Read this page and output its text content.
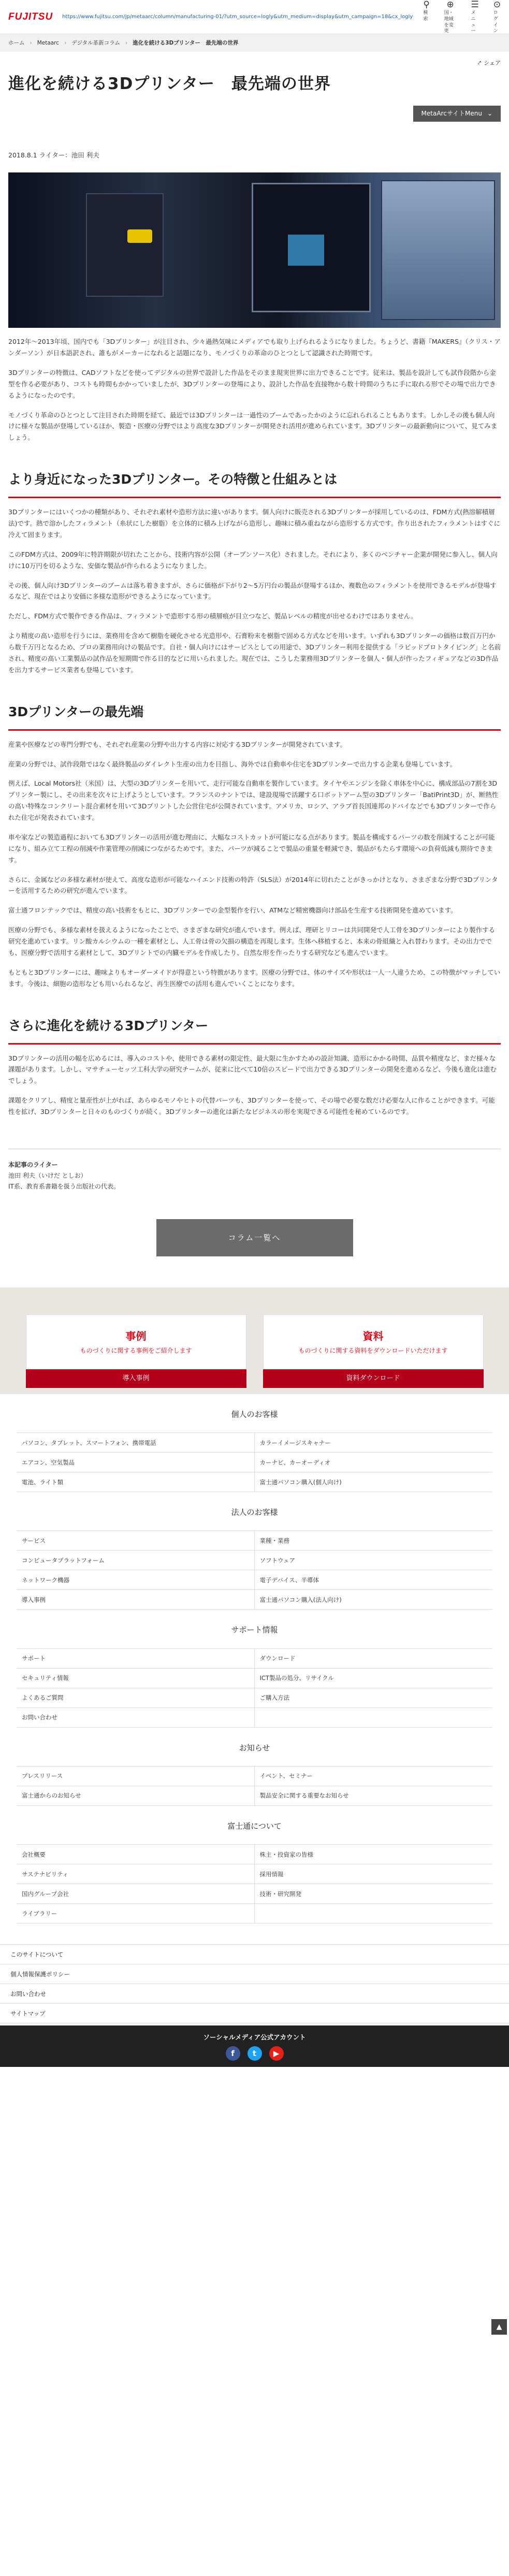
FUJITSU https://www.fujitsu.com/jp/metaarc/column/manufacturing-01/?utm_source=logly&utm_medium=display&utm_campaign=18&cx_logly
⚲
検索
⊕
国・地域を変更
☰
メニュー
⊙
ログイン
ホーム › Metaarc › デジタル革新コラム › 進化を続ける3Dプリンター　最先端の世界
⤤ シェア
進化を続ける3Dプリンター　最先端の世界
MetaArcサイトMenu ⌄
2018.8.1 ライター：池田 利夫

2012年〜2013年頃、国内でも「3Dプリンター」が注目され、少々過熱気味にメディアでも取り上げられるようになりました。ちょうど、書籍『MAKERS』（クリス・アンダーソン）が日本語訳され、誰もがメーカーになれると話題になり、モノづくりの革命のひとつとして認識された時期です。

3Dプリンターの特徴は、CADソフトなどを使ってデジタルの世界で設計した作品をそのまま現実世界に出力できることです。従来は、製品を設計しても試作段階から金型を作る必要があり、コストも時間もかかっていましたが、3Dプリンターの登場により、設計した作品を直接物から数十時間のうちに手に取れる形でその場で出力できるようになったのです。

モノづくり革命のひとつとして注目された時期を経て、最近では3Dプリンターは一過性のブームであったかのように忘れられることもあります。しかしその後も個人向けに様々な製品が登場しているほか、製造・医療の分野ではより高度な3Dプリンターが開発され活用が進められています。3Dプリンターの最新動向について、見てみましょう。

より身近になった3Dプリンター。その特徴と仕組みとは

3Dプリンターにはいくつかの種類があり、それぞれ素材や造形方法に違いがあります。個人向けに販売される3Dプリンターが採用しているのは、FDM方式(熱溶解積層法)です。熱で溶かしたフィラメント（糸状にした樹脂）を立体的に積み上げながら造形し、趣味に積み重ねながら造形する方式です。作り出されたフィラメントはすぐに冷えて固まります。

このFDM方式は、2009年に特許期限が切れたことから、技術内容が公開（オープンソース化）されました。それにより、多くのベンチャー企業が開発に参入し、個人向けに10万円を切るような、安価な製品が作られるようになりました。

その後、個人向け3Dプリンターのブームは落ち着きますが、さらに価格が下がり2〜5万円台の製品が登場するほか、複数色のフィラメントを使用できるモデルが登場するなど、現在ではより安価に多様な造形ができるようになっています。

ただし、FDM方式で製作できる作品は、フィラメントで造形する形の積層痕が目立つなど、製品レベルの精度が出せるわけではありません。

より精度の高い造形を行うには、業務用を含めて樹脂を硬化させる光造形や、石膏粉末を樹脂で固める方式などを用います。いずれも3Dプリンターの価格は数百万円から数千万円となるため、プロの業務用向けの製品です。自社・個人向けにはサービスとしての用途で、3Dプリンター利用を提供する「ラピッドプロトタイピング」と名前され、精度の高い工業製品の試作品を短期間で作る目的などに用いられました。現在では、こうした業務用3Dプリンターを個人・個人が作ったフィギュアなどの3D作品を出力するサービス業者も登場しています。

3Dプリンターの最先端

産業や医療などの専門分野でも、それぞれ産業の分野や出力する内容に対応する3Dプリンターが開発されています。

産業の分野では、試作段階ではなく最終製品のダイレクト生産の出力を目指し、海外では自動車や住宅を3Dプリンターで出力する企業も登場しています。

例えば、Local Motors社（米国）は、大型の3Dプリンターを用いて、走行可能な自動車を製作しています。タイヤやエンジンを除く車体を中心に、構成部品の7割を3Dプリンター製にし、その出来を次々に上げようとしています。フランスのナントでは、建設現場で活躍する口ボットアーム型の3Dプリンター「BatiPrint3D」が、断熱性の高い特殊なコンクリート混合素材を用いて3Dプリントした公営住宅が公開されています。アメリカ、ロシア、アラブ首長国連邦のドバイなどでも3Dプリンターで作られた住宅が発表されています。

車や家などの製造過程においても3Dプリンターの活用が進む理由に、大幅なコストカットが可能になる点があります。製品を構成するパーツの数を削減することが可能になり、組み立て工程の削減や作業管理の削減につながるためです。また、パーツが減ることで製品の重量を軽減でき、製品がもたらす環境への負荷低減も期待できます。

さらに、金属などの多様な素材が使えて、高度な造形が可能なハイエンド技術の特許（SLS法）が2014年に切れたことがきっかけとなり、さまざまな分野で3Dプリンターを活用するための研究が進んでいます。

富士通フロンテックでは、精度の高い技術をもとに、3Dプリンターでの金型製作を行い、ATMなど精密機器向け部品を生産する技術開発を進めています。

医療の分野でも、多様な素材を扱えるようになったことで、さまざまな研究が進んでいます。例えば、理研とリコーは共同開発で人工骨を3Dプリンターにより製作する研究を進めています。リン酸カルシウムの一種を素材とし、人工骨は骨の欠損の構造を再現します。生体へ移植すると、本来の骨組織と入れ替わります。その出力ででも、医療分野で活用する素材として、3Dプリントでの内臓モデルを作成したり、自然な形を作ったりする研究なども進んでいます。

もともと3Dプリンターには、趣味よりもオーダーメイドが得意という特徴があります。医療の分野では、体のサイズや形状は一人一人違うため、この特徴がマッチしています。今後は、細胞の造形なども用いられるなど、再生医療での活用も進んでいくことになります。

さらに進化を続ける3Dプリンター

3Dプリンターの活用の幅を広めるには、導入のコストや、使用できる素材の限定性、最大限に生かすための設計知識、造形にかかる時間、品質や精度など、まだ様々な課題があります。しかし、マサチューセッツ工科大学の研究チームが、従来に比べて10倍のスピードで出力できる3Dプリンターの開発を進めるなど、今後も進化は進むでしょう。

課題をクリアし、精度と量産性が上がれば、あらゆるモノやヒトの代替パーツも、3Dプリンターを使って、その場で必要な数だけ必要な人に作ることができます。可能性を拡げ、3Dプリンターと日々のものづくりが続く。3Dプリンターの進化は新たなビジネスの形を実現できる可能性を秘めているのです。

本記事のライター
池田 利夫（いけだ としお）
IT系、教育系書籍を扱う出版社の代表。
コラム一覧へ
事例
ものづくりに関する事例をご紹介します
導入事例
資料
ものづくりに関する資料をダウンロードいただけます
資料ダウンロード
個人のお客様
パソコン、タブレット、スマートフォン、携帯電話	カラーイメージスキャナー
エアコン、空気製品	カーナビ、カーオーディオ
電池、ライト類	富士通パソコン購入(個人向け)
法人のお客様
サービス	業種・業務
コンピュータプラットフォーム	ソフトウェア
ネットワーク機器	電子デバイス、半導体
導入事例	富士通パソコン購入(法人向け)
サポート情報
サポート	ダウンロード
セキュリティ情報	ICT製品の処分、リサイクル
よくあるご質問	ご購入方法
お問い合わせ
お知らせ
プレスリリース	イベント、セミナー
富士通からのお知らせ	製品安全に関する重要なお知らせ
富士通について
会社概要	株主・投資家の皆様
サステナビリティ	採用情報
国内グループ会社	技術・研究開発
ライブラリー
このサイトについて
個人情報保護ポリシー
お問い合わせ
サイトマップ
ソーシャルメディア公式アカウント
f	t	▶
▲
